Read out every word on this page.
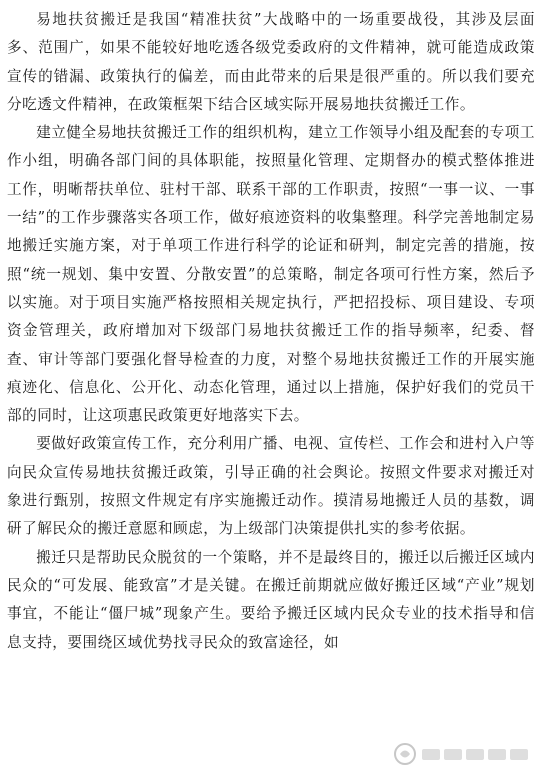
易地扶贫搬迁是我国“精准扶贫”大战略中的一场重要战役，其涉及层面多、范围广，如果不能较好地吃透各级党委政府的文件精神，就可能造成政策宣传的错漏、政策执行的偏差，而由此带来的后果是很严重的。所以我们要充分吃透文件精神，在政策框架下结合区域实际开展易地扶贫搬迁工作。

建立健全易地扶贫搬迁工作的组织机构，建立工作领导小组及配套的专项工作小组，明确各部门间的具体职能，按照量化管理、定期督办的模式整体推进工作，明晰帮扶单位、驻村干部、联系干部的工作职责，按照“一事一议、一事一结”的工作步骤落实各项工作，做好痕迹资料的收集整理。科学完善地制定易地搬迁实施方案，对于单项工作进行科学的论证和研判，制定完善的措施，按照“统一规划、集中安置、分散安置”的总策略，制定各项可行性方案，然后予以实施。对于项目实施严格按照相关规定执行，严把招投标、项目建设、专项资金管理关，政府增加对下级部门易地扶贫搬迁工作的指导频率，纪委、督查、审计等部门要强化督导检查的力度，对整个易地扶贫搬迁工作的开展实施痕迹化、信息化、公开化、动态化管理，通过以上措施，保护好我们的党员干部的同时，让这项惠民政策更好地落实下去。

要做好政策宣传工作，充分利用广播、电视、宣传栏、工作会和进村入户等向民众宣传易地扶贫搬迁政策，引导正确的社会舆论。按照文件要求对搬迁对象进行甄别，按照文件规定有序实施搬迁动作。摸清易地搬迁人员的基数，调研了解民众的搬迁意愿和顾虑，为上级部门决策提供扎实的参考依据。

搬迁只是帮助民众脱贫的一个策略，并不是最终目的，搬迁以后搬迁区域内民众的“可发展、能致富”才是关键。在搬迁前期就应做好搬迁区域“产业”规划事宜，不能让“僵尸城”现象产生。要给予搬迁区域内民众专业的技术指导和信息支持，要围绕区域优势找寻民众的致富途径，如
